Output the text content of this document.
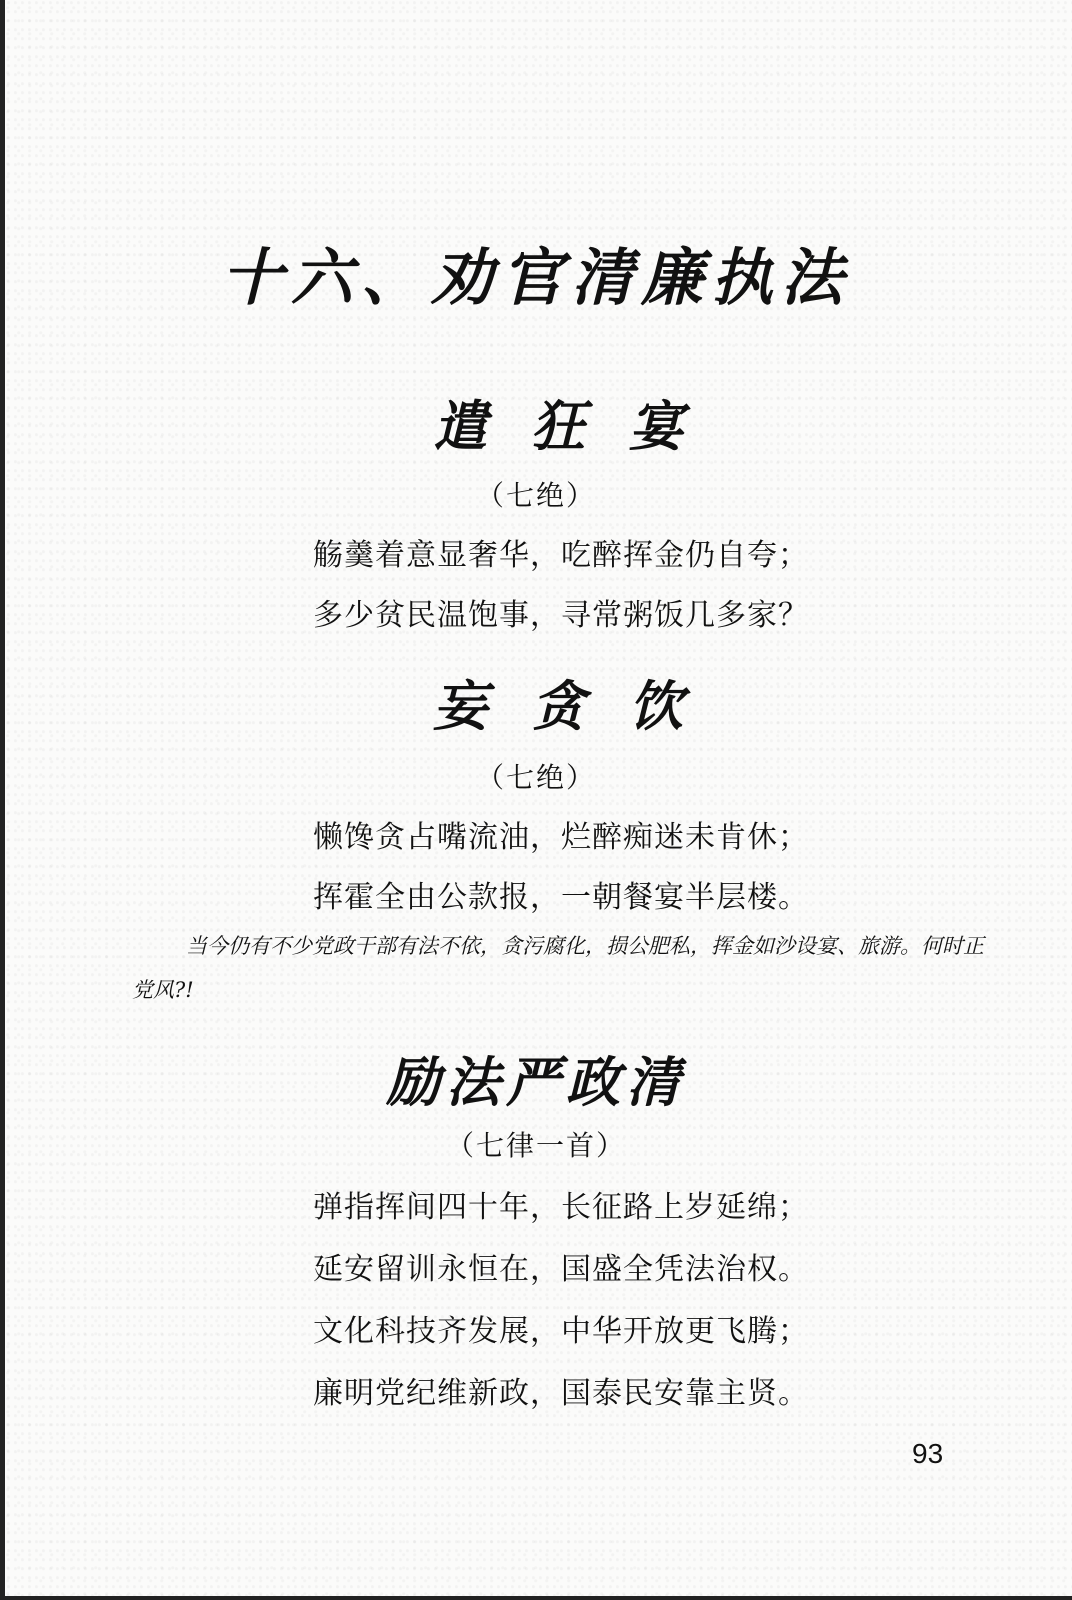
十六、劝官清廉执法
遣狂宴
（七绝）
觞羹着意显奢华，吃醉挥金仍自夸；
多少贫民温饱事，寻常粥饭几多家？
妄贪饮
（七绝）
懒馋贪占嘴流油，烂醉痴迷未肯休；
挥霍全由公款报，一朝餐宴半层楼。
当今仍有不少党政干部有法不依，贪污腐化，损公肥私，挥金如沙设宴、旅游。何时正党风?!
励法严政清
（七律一首）
弹指挥间四十年，长征路上岁延绵；
延安留训永恒在，国盛全凭法治权。
文化科技齐发展，中华开放更飞腾；
廉明党纪维新政，国泰民安靠主贤。
93
